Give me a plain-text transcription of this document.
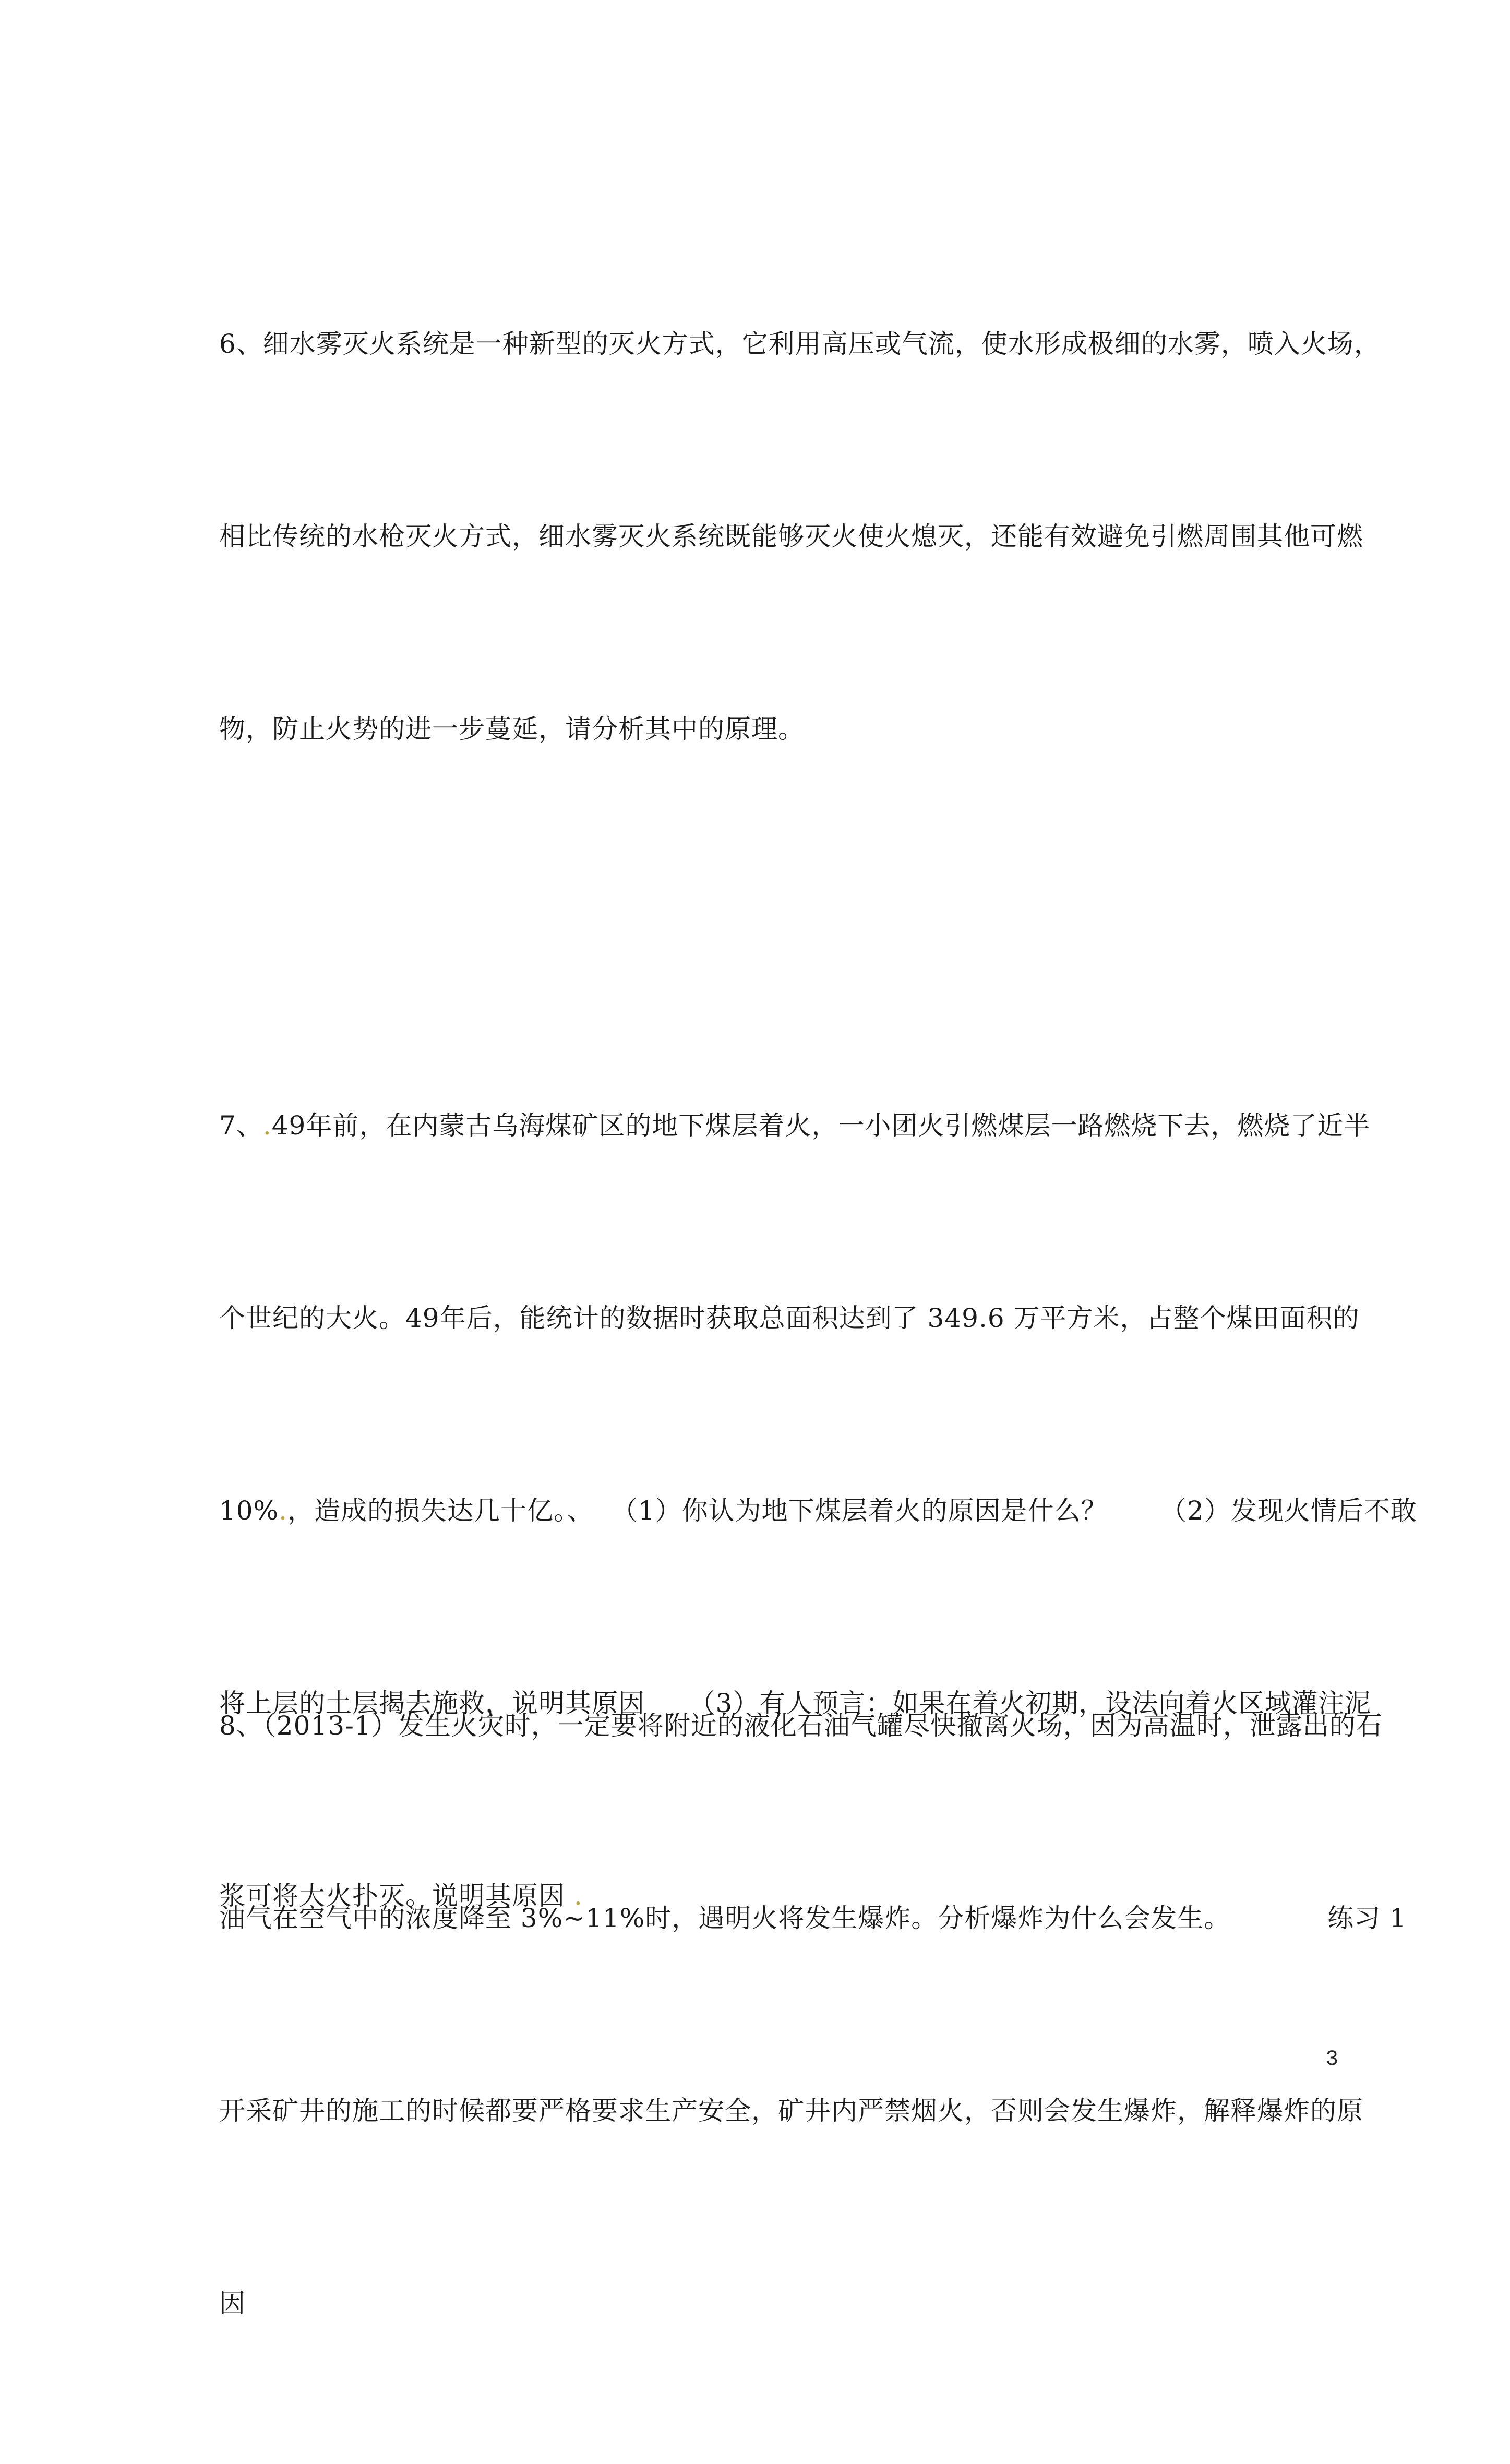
6、细水雾灭火系统是一种新型的灭火方式，它利用高压或气流，使水形成极细的水雾，喷入火场，

相比传统的水枪灭火方式，细水雾灭火系统既能够灭火使火熄灭，还能有效避免引燃周围其他可燃

物，防止火势的进一步蔓延，请分析其中的原理。

7、.49年前，在内蒙古乌海煤矿区的地下煤层着火，一小团火引燃煤层一路燃烧下去，燃烧了近半

个世纪的大火。49年后，能统计的数据时获取总面积达到了 349.6 万平方米，占整个煤田面积的

10%.，造成的损失达几十亿。、  （1）你认为地下煤层着火的原因是什么？      （2）发现火情后不敢

将上层的土层揭去施救，说明其原因     （3）有人预言：如果在着火初期，设法向着火区域灌注泥

浆可将大火扑灭。说明其原因 .

8、（2013-1）发生火灾时，一定要将附近的液化石油气罐尽快撤离火场，因为高温时，泄露出的石

油气在空气中的浓度降至 3%~11%时，遇明火将发生爆炸。分析爆炸为什么会发生。           练习 1

开采矿井的施工的时候都要严格要求生产安全，矿井内严禁烟火，否则会发生爆炸，解释爆炸的原

因

3
